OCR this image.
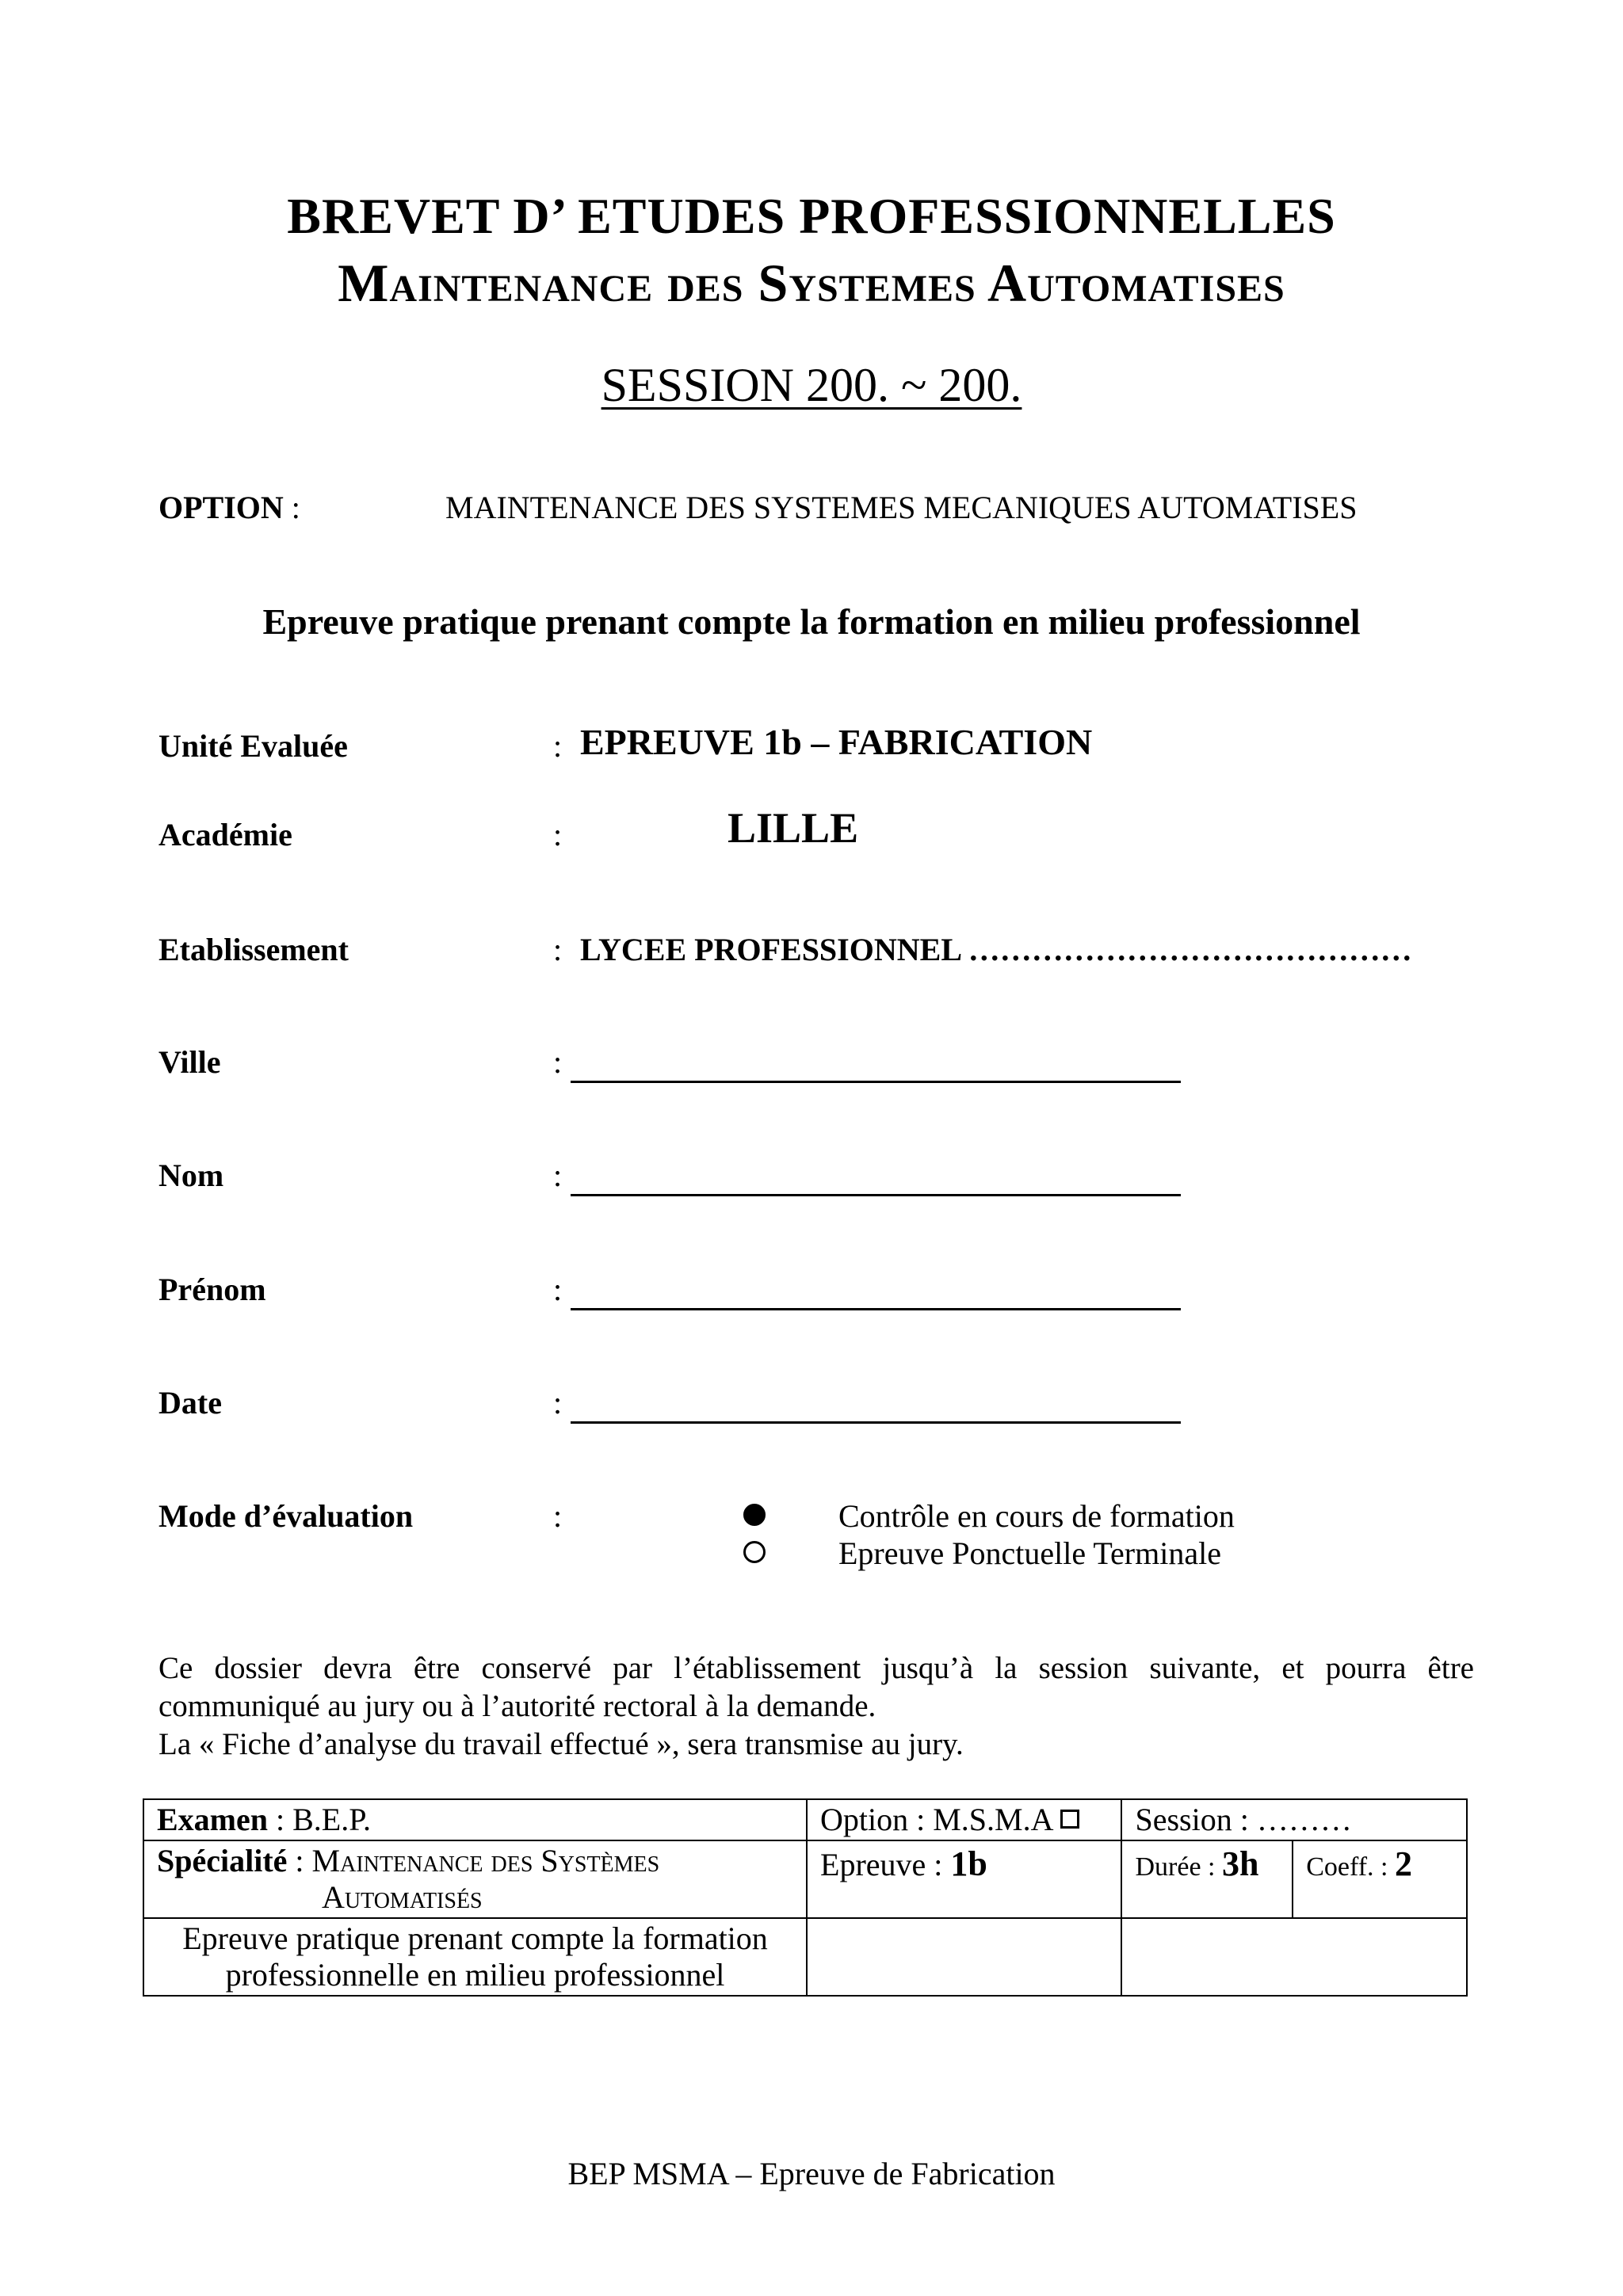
BREVET D’ ETUDES PROFESSIONNELLES
Maintenance des Systemes Automatises
SESSION 200. ~ 200.
OPTION :	MAINTENANCE DES SYSTEMES MECANIQUES AUTOMATISES
Epreuve pratique prenant compte la formation en milieu professionnel
Unité Evaluée	: EPREUVE 1b – FABRICATION
Académie	:	LILLE
Etablissement	: LYCEE PROFESSIONNEL ……………………………………
Ville	:
Nom	:
Prénom	:
Date	:
Mode d’évaluation	:	Contrôle en cours de formation
Epreuve Ponctuelle Terminale
Ce dossier devra être conservé par l’établissement jusqu’à la session suivante, et pourra être
communiqué au jury ou à l’autorité rectoral à la demande.
La « Fiche d’analyse du travail effectué », sera transmise au jury.
Examen : B.E.P.	Option : M.S.M.A	Session : ………	

Spécialité : Maintenance des Systèmes
Automatisés	Epreuve : 1b	Durée : 3h	Coeff. : 2

Epreuve pratique prenant compte la formation
professionnelle en milieu professionnel			

BEP MSMA – Epreuve de Fabrication
